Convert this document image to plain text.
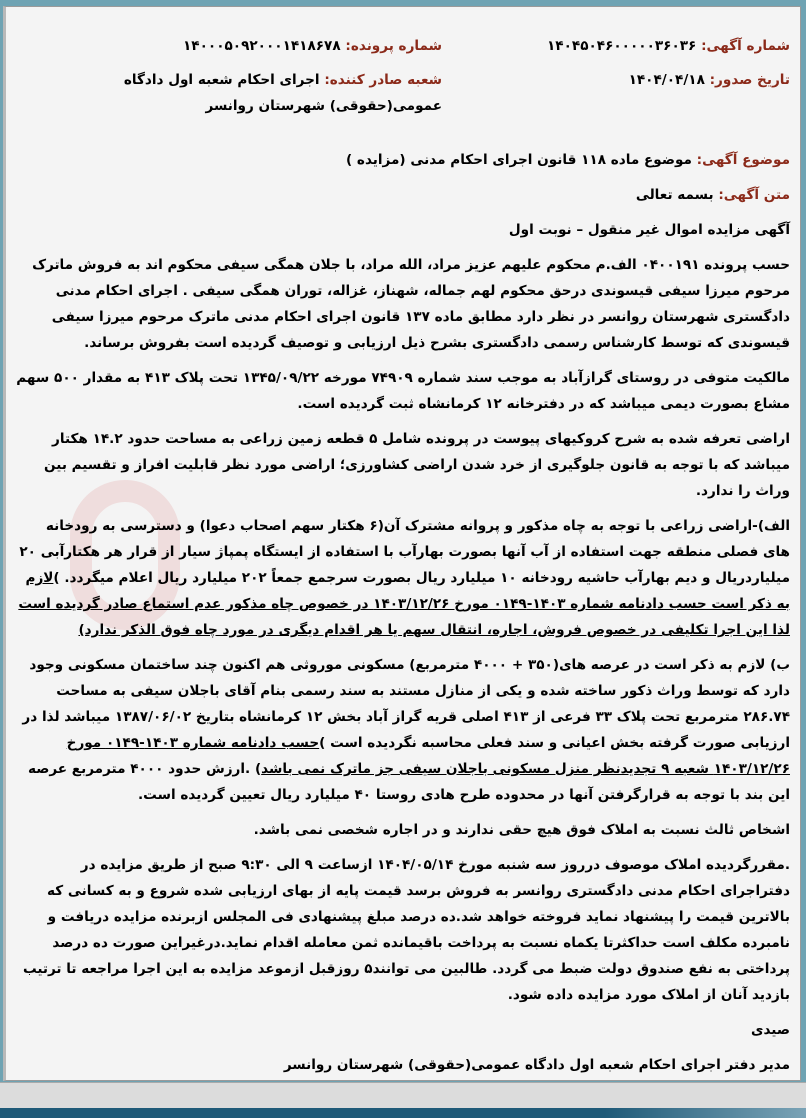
شماره آگهی: ۱۴۰۴۵۰۴۶۰۰۰۰۰۳۶۰۳۶
شماره پرونده: ۱۴۰۰۰۵۰۹۲۰۰۰۱۴۱۸۶۷۸
تاریخ صدور: ۱۴۰۴/۰۴/۱۸
شعبه صادر کننده: اجرای احکام شعبه اول دادگاه عمومی(حقوقی) شهرستان روانسر
موضوع آگهی: موضوع ماده ۱۱۸ قانون اجرای احکام مدنی (مزایده )
متن آگهی: بسمه تعالی
آگهی مزایده اموال غیر منقول – نوبت اول
حسب پرونده ۰۴۰۰۱۹۱ الف.م محکوم علیهم عزیز مراد، الله مراد، با جلان همگی سیفی محکوم اند به فروش ماترک مرحوم میرزا سیفی قیسوندی درحق محکوم لهم جماله، شهناز، غزاله، توران همگی سیفی . اجرای احکام مدنی دادگستری شهرستان روانسر در نظر دارد مطابق ماده ۱۳۷ قانون اجرای احکام مدنی ماترک مرحوم میرزا سیفی قیسوندی که توسط کارشناس رسمی دادگستری بشرح ذیل ارزیابی و توصیف گردیده است بفروش برساند.
مالکیت متوفی در روستای گرازآباد به موجب سند شماره ۷۴۹۰۹ مورخه ۱۳۴۵/۰۹/۲۲ تحت پلاک ۴۱۳ به مقدار ۵۰۰ سهم مشاع بصورت دیمی میباشد که در دفترخانه ۱۲ کرمانشاه ثبت گردیده است.
اراضی تعرفه شده به شرح کروکیهای پیوست در پرونده شامل ۵ قطعه زمین زراعی به مساحت حدود ۱۴.۲ هکتار میباشد که با توجه به قانون جلوگیری از خرد شدن اراضی کشاورزی؛ اراضی مورد نظر قابلیت افراز و تقسیم بین وراث را ندارد.
الف)-اراضی زراعی با توجه به چاه مذکور و پروانه مشترک آن(۶ هکتار سهم اصحاب دعوا) و دسترسی به رودخانه های فصلی منطقه جهت استفاده از آب آنها بصورت بهارآب با استفاده از ایستگاه پمپاژ سیار از قرار هر هکتارآبی ۲۰ میلیاردریال و دیم بهارآب حاشیه رودخانه ۱۰ میلیارد ریال بصورت سرجمع جمعاً ۲۰۲ میلیارد ریال اعلام میگردد. )لازم به ذکر است حسب دادنامه شماره ۱۴۰۳-۰۱۴۹ مورخ ۱۴۰۳/۱۲/۲۶ در خصوص چاه مذکور عدم استماع صادر گردیده است لذا این اجرا تکلیفی در خصوص فروش، اجاره، انتقال سهم یا هر اقدام دیگری در مورد چاه فوق الذکر ندارد)
ب) لازم به ذکر است در عرصه های(۳۵۰ + ۴۰۰۰ مترمربع) مسکونی موروثی هم اکنون چند ساختمان مسکونی وجود دارد که توسط وراث ذکور ساخته شده و یکی از منازل مستند به سند رسمی بنام آقای باجلان سیفی به مساحت ۲۸۶.۷۴ مترمربع تحت پلاک ۳۳ فرعی از ۴۱۳ اصلی قریه گراز آباد بخش ۱۲ کرمانشاه بتاریخ ۱۳۸۷/۰۶/۰۲ میباشد لذا در ارزیابی صورت گرفته بخش اعیانی و سند فعلی محاسبه نگردیده است )حسب دادنامه شماره ۱۴۰۳-۰۱۴۹ مورخ ۱۴۰۳/۱۲/۲۶ شعبه ۹ تجدیدنظر منزل مسکونی باجلان سیفی جز ماترک نمی باشد) .ارزش حدود ۴۰۰۰ مترمربع عرصه این بند با توجه به قرارگرفتن آنها در محدوده طرح هادی روستا ۴۰ میلیارد ریال تعیین گردیده است.
اشخاص ثالث نسبت به املاک فوق هیچ حقی ندارند و در اجاره شخصی نمی باشد.
.مقررگردیده املاک موصوف درروز سه شنبه مورخ ۱۴۰۴/۰۵/۱۴ ازساعت ۹ الی ۹:۳۰ صبح از طریق مزایده در دفتراجرای احکام مدنی دادگستری روانسر به فروش برسد قیمت پایه از بهای ارزیابی شده شروع و به کسانی که بالاترین قیمت را پیشنهاد نماید فروخته خواهد شد.ده درصد مبلغ پیشنهادی فی المجلس ازبرنده مزایده دریافت و نامبرده مکلف است حداکثرتا یکماه نسبت به پرداخت باقیمانده ثمن معامله اقدام نماید.درغیراین صورت ده درصد پرداختی به نفع صندوق دولت ضبط می گردد. طالبین می توانند۵ روزقبل ازموعد مزایده به این اجرا مراجعه تا ترتیب بازدید آنان از املاک مورد مزایده داده شود.
صیدی
مدیر دفتر اجرای احکام شعبه اول دادگاه عمومی(حقوقی) شهرستان روانسر
